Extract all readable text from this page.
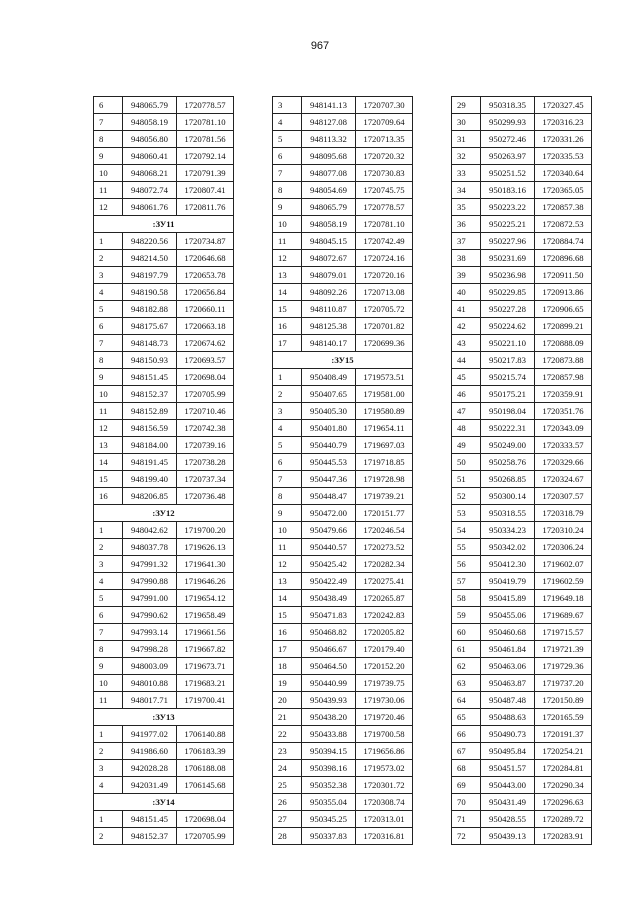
967
6	948065.79	1720778.57
7	948058.19	1720781.10
8	948056.80	1720781.56
9	948060.41	1720792.14
10	948068.21	1720791.39
11	948072.74	1720807.41
12	948061.76	1720811.76
:ЗУ11		
1	948220.56	1720734.87
2	948214.50	1720646.68
3	948197.79	1720653.78
4	948190.58	1720656.84
5	948182.88	1720660.11
6	948175.67	1720663.18
7	948148.73	1720674.62
8	948150.93	1720693.57
9	948151.45	1720698.04
10	948152.37	1720705.99
11	948152.89	1720710.46
12	948156.59	1720742.38
13	948184.00	1720739.16
14	948191.45	1720738.28
15	948199.40	1720737.34
16	948206.85	1720736.48
:ЗУ12		
1	948042.62	1719700.20
2	948037.78	1719626.13
3	947991.32	1719641.30
4	947990.88	1719646.26
5	947991.00	1719654.12
6	947990.62	1719658.49
7	947993.14	1719661.56
8	947998.28	1719667.82
9	948003.09	1719673.71
10	948010.88	1719683.21
11	948017.71	1719700.41
:ЗУ13		
1	941977.02	1706140.88
2	941986.60	1706183.39
3	942028.28	1706188.08
4	942031.49	1706145.68
:ЗУ14		
1	948151.45	1720698.04
2	948152.37	1720705.99
3	948141.13	1720707.30
4	948127.08	1720709.64
5	948113.32	1720713.35
6	948095.68	1720720.32
7	948077.08	1720730.83
8	948054.69	1720745.75
9	948065.79	1720778.57
10	948058.19	1720781.10
11	948045.15	1720742.49
12	948072.67	1720724.16
13	948079.01	1720720.16
14	948092.26	1720713.08
15	948110.87	1720705.72
16	948125.38	1720701.82
17	948140.17	1720699.36
:ЗУ15		
1	950408.49	1719573.51
2	950407.65	1719581.00
3	950405.30	1719580.89
4	950401.80	1719654.11
5	950440.79	1719697.03
6	950445.53	1719718.85
7	950447.36	1719728.98
8	950448.47	1719739.21
9	950472.00	1720151.77
10	950479.66	1720246.54
11	950440.57	1720273.52
12	950425.42	1720282.34
13	950422.49	1720275.41
14	950438.49	1720265.87
15	950471.83	1720242.83
16	950468.82	1720205.82
17	950466.67	1720179.40
18	950464.50	1720152.20
19	950440.99	1719739.75
20	950439.93	1719730.06
21	950438.20	1719720.46
22	950433.88	1719700.58
23	950394.15	1719656.86
24	950398.16	1719573.02
25	950352.38	1720301.72
26	950355.04	1720308.74
27	950345.25	1720313.01
28	950337.83	1720316.81
29	950318.35	1720327.45
30	950299.93	1720316.23
31	950272.46	1720331.26
32	950263.97	1720335.53
33	950251.52	1720340.64
34	950183.16	1720365.05
35	950223.22	1720857.38
36	950225.21	1720872.53
37	950227.96	1720884.74
38	950231.69	1720896.68
39	950236.98	1720911.50
40	950229.85	1720913.86
41	950227.28	1720906.65
42	950224.62	1720899.21
43	950221.10	1720888.09
44	950217.83	1720873.88
45	950215.74	1720857.98
46	950175.21	1720359.91
47	950198.04	1720351.76
48	950222.31	1720343.09
49	950249.00	1720333.57
50	950258.76	1720329.66
51	950268.85	1720324.67
52	950300.14	1720307.57
53	950318.55	1720318.79
54	950334.23	1720310.24
55	950342.02	1720306.24
56	950412.30	1719602.07
57	950419.79	1719602.59
58	950415.89	1719649.18
59	950455.06	1719689.67
60	950460.68	1719715.57
61	950461.84	1719721.39
62	950463.06	1719729.36
63	950463.87	1719737.20
64	950487.48	1720150.89
65	950488.63	1720165.59
66	950490.73	1720191.37
67	950495.84	1720254.21
68	950451.57	1720284.81
69	950443.00	1720290.34
70	950431.49	1720296.63
71	950428.55	1720289.72
72	950439.13	1720283.91
